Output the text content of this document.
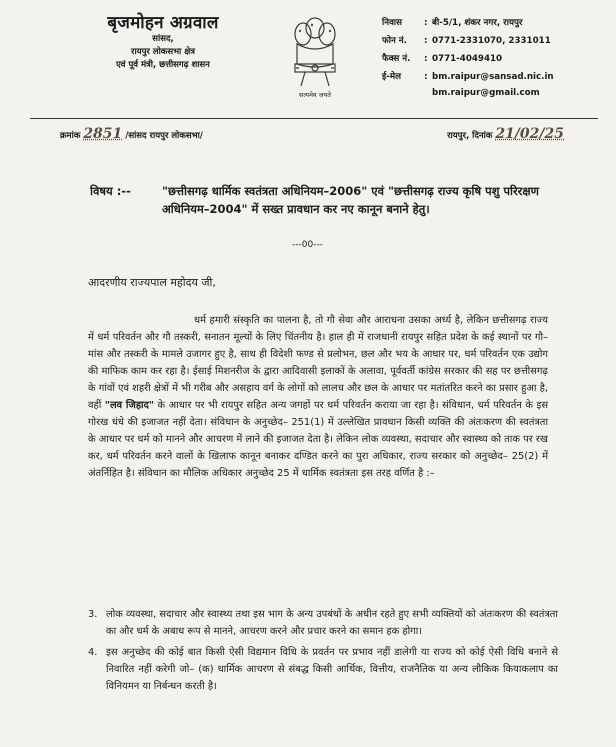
बृजमोहन अग्रवाल
सांसद,
रायपुर लोकसभा क्षेत्र
एवं पूर्व मंत्री, छत्तीसगढ़ शासन
सत्यमेव जयते
निवास	: बी-5/1, शंकर नगर, रायपुर
फोन नं.	: 0771-2331070, 2331011
फैक्स नं.	: 0771-4049410
ई-मेल	: bm.raipur@sansad.nic.in
bm.raipur@gmail.com
क्रमांक 2851 /सांसद रायपुर लोकसभा/	रायपुर, दिनांक 21/02/25
विषय :--	"छत्तीसगढ़ धार्मिक स्वतंत्रता अधिनियम–2006" एवं "छत्तीसगढ़ राज्य कृषि पशु परिरक्षण अधिनियम–2004" में सख्त प्रावधान कर नए कानून बनाने हेतु।
---00---
आदरणीय राज्यपाल महोदय जी,
धर्म हमारी संस्कृति का पालना है, तो गौ सेवा और आराधना उसका अर्ध्य है, लेकिन छत्तीसगढ़ राज्य में धर्म परिवर्तन और गौ तस्करी, सनातन मूल्यों के लिए चिंतनीय है। हाल ही में राजधानी रायपुर सहित प्रदेश के कई स्थानों पर गौ–मांस और तस्करी के मामले उजागर हुए है, साथ ही विदेशी फण्ड से प्रलोभन, छल और भय के आधार पर, धर्म परिवर्तन एक उद्योग की माफिक काम कर रहा है। ईसाई मिशनरीज के द्वारा आदिवासी इलाकों के अलावा, पूर्ववर्ती कांग्रेस सरकार की सह पर छत्तीसगढ़ के गांवों एवं शहरी क्षेत्रों में भी गरीब और असहाय वर्ग के लोगों को लालच और छल के आधार पर मतांतरित करने का प्रसार हुआ है, वहीं "लव जिहाद" के आधार पर भी रायपुर सहित अन्य जगहों पर धर्म परिवर्तन कराया जा रहा है। संविधान, धर्म परिवर्तन के इस गोरख धंधे की इजाजत नहीं देता। संविधान के अनुच्छेद– 251(1) में उल्लेखित प्रावधान किसी व्यक्ति की अंतःकरण की स्वतंत्रता के आधार पर धर्म को मानने और आचरण में लाने की इजाजत देता है। लेकिन लोक व्यवस्था, सदाचार और स्वास्थ्य को ताक पर रख कर, धर्म परिवर्तन करने वालों के खिलाफ कानून बनाकर दण्डित करने का पुरा अधिकार, राज्य सरकार को अनुच्छेद– 25(2) में अंतर्निहित है। संविधान का मौलिक अधिकार अनुच्छेद 25 में धार्मिक स्वतंत्रता इस तरह वर्णित है :–
3. लोक व्यवस्था, सदाचार और स्वास्थ्य तथा इस भाग के अन्य उपबंधों के अधीन रहते हुए सभी व्यक्तियों को अंतःकरण की स्वतंत्रता का और धर्म के अबाध रूप से मानने, आचरण करने और प्रचार करने का समान हक होगा।
4. इस अनुच्छेद की कोई बात किसी ऐसी विद्यमान विधि के प्रवर्तन पर प्रभाव नहीं डालेगी या राज्य को कोई ऐसी विधि बनाने से निवारित नहीं करेगी जो– (क) धार्मिक आचरण से संबद्ध किसी आर्थिक, वित्तीय, राजनैतिक या अन्य लौकिक कियाकलाप का विनियमन या निर्बन्धन करती है।
